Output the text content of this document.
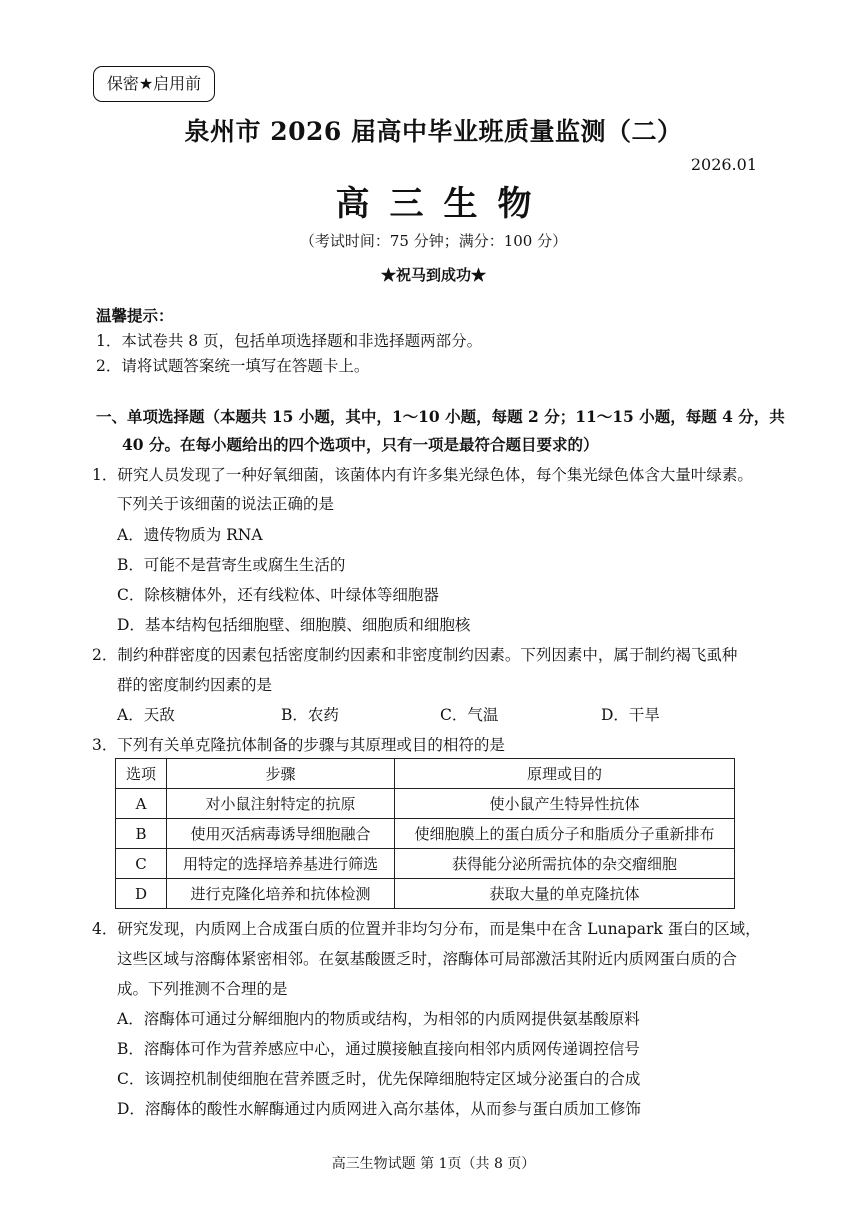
保密★启用前
泉州市 2026 届高中毕业班质量监测（二）
2026.01
高三生物
（考试时间：75 分钟；满分：100 分）
★祝马到成功★
温馨提示：
1．本试卷共 8 页，包括单项选择题和非选择题两部分。
2．请将试题答案统一填写在答题卡上。
一、单项选择题（本题共 15 小题，其中，1～10 小题，每题 2 分；11～15 小题，每题 4 分，共
40 分。在每小题给出的四个选项中，只有一项是最符合题目要求的）
1．研究人员发现了一种好氧细菌，该菌体内有许多集光绿色体，每个集光绿色体含大量叶绿素。
下列关于该细菌的说法正确的是
A．遗传物质为 RNA
B．可能不是营寄生或腐生生活的
C．除核糖体外，还有线粒体、叶绿体等细胞器
D．基本结构包括细胞壁、细胞膜、细胞质和细胞核
2．制约种群密度的因素包括密度制约因素和非密度制约因素。下列因素中，属于制约褐飞虱种
群的密度制约因素的是
A．天敌	B．农药	C．气温	D．干旱
3．下列有关单克隆抗体制备的步骤与其原理或目的相符的是
选项	步骤	原理或目的
A	对小鼠注射特定的抗原	使小鼠产生特异性抗体
B	使用灭活病毒诱导细胞融合	使细胞膜上的蛋白质分子和脂质分子重新排布
C	用特定的选择培养基进行筛选	获得能分泌所需抗体的杂交瘤细胞
D	进行克隆化培养和抗体检测	获取大量的单克隆抗体
4．研究发现，内质网上合成蛋白质的位置并非均匀分布，而是集中在含 Lunapark 蛋白的区域，
这些区域与溶酶体紧密相邻。在氨基酸匮乏时，溶酶体可局部激活其附近内质网蛋白质的合
成。下列推测不合理的是
A．溶酶体可通过分解细胞内的物质或结构，为相邻的内质网提供氨基酸原料
B．溶酶体可作为营养感应中心，通过膜接触直接向相邻内质网传递调控信号
C．该调控机制使细胞在营养匮乏时，优先保障细胞特定区域分泌蛋白的合成
D．溶酶体的酸性水解酶通过内质网进入高尔基体，从而参与蛋白质加工修饰
高三生物试题 第 1页（共 8 页）
